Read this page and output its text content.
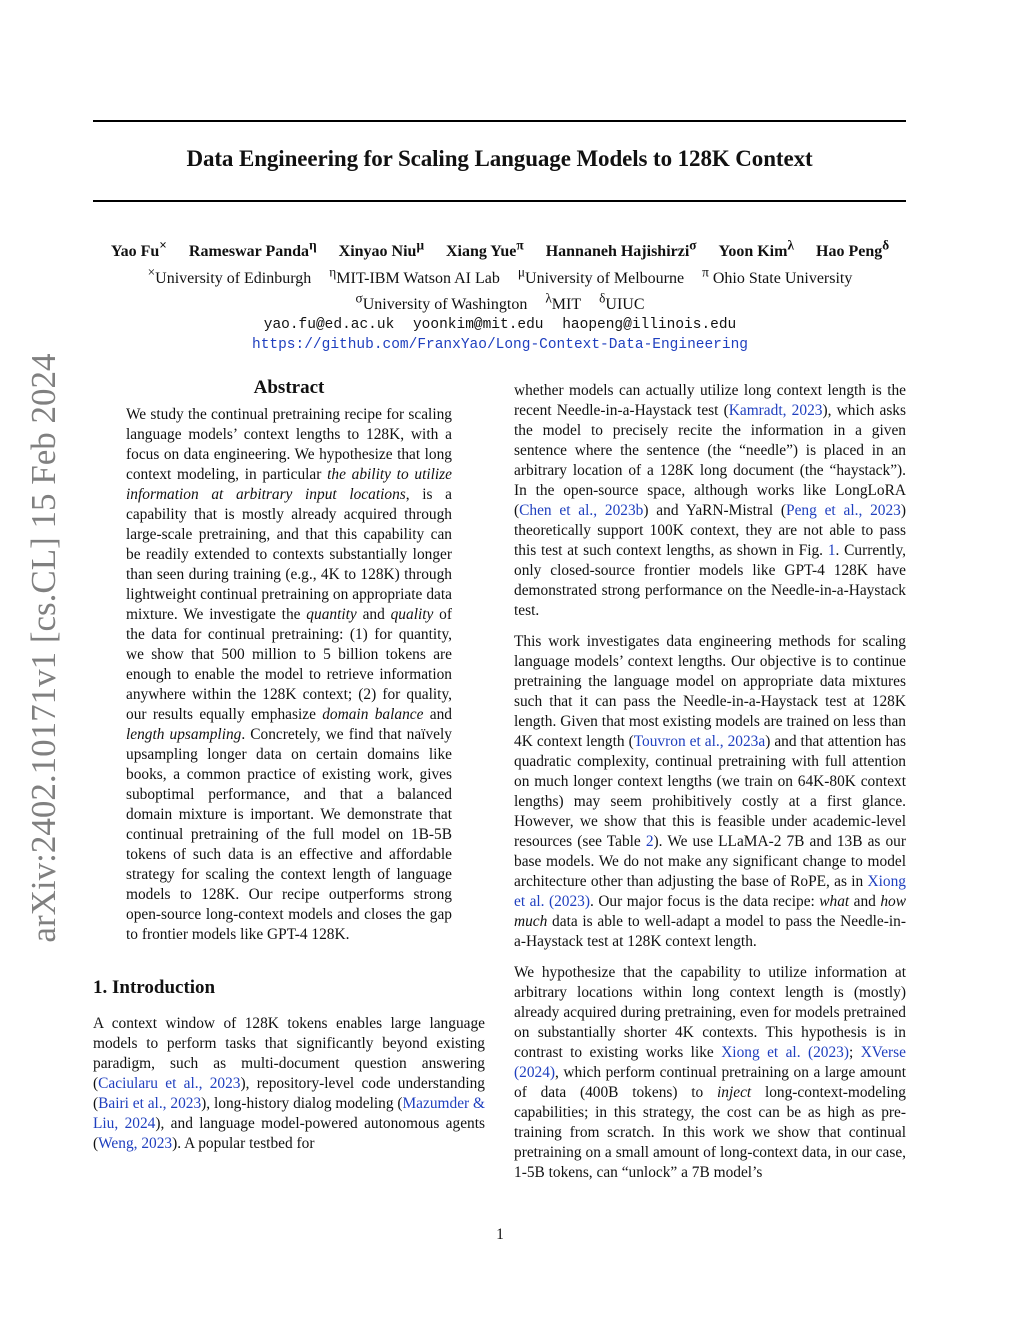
Data Engineering for Scaling Language Models to 128K Context
Yao Fu× Rameswar Panda$^\eta$ Xinyao Niu$^\mu$ Xiang Yue$^\pi$ Hannaneh Hajishirzi$^\sigma$ Yoon Kim$^\lambda$ Hao Peng$^\delta$
×University of Edinburgh $^\eta$MIT-IBM Watson AI Lab $^\mu$University of Melbourne $^\pi$ Ohio State University
$^\sigma$University of Washington $^\lambda$MIT $^\delta$UIUC
yao.fu@ed.ac.uk yoonkim@mit.edu haopeng@illinois.edu
https://github.com/FranxYao/Long-Context-Data-Engineering
arXiv:2402.10171v1 [cs.CL] 15 Feb 2024	Abstract
We study the continual pretraining recipe for scaling language models’ context lengths to 128K, with a focus on data engineering. We hypothesize that long context modeling, in particular the ability to utilize information at arbitrary input locations, is a capability that is mostly already acquired through large-scale pretraining, and that this capability can be readily extended to contexts substantially longer than seen during training (e.g., 4K to 128K) through lightweight continual pretraining on appropriate data mixture. We investigate the quantity and quality of the data for continual pretraining: (1) for quantity, we show that 500 million to 5 billion tokens are enough to enable the model to retrieve information anywhere within the 128K context; (2) for quality, our results equally emphasize domain balance and length upsampling. Concretely, we find that naïvely upsampling longer data on certain domains like books, a common practice of existing work, gives suboptimal performance, and that a balanced domain mixture is important. We demonstrate that continual pretraining of the full model on 1B-5B tokens of such data is an effective and affordable strategy for scaling the context length of language models to 128K. Our recipe outperforms strong open-source long-context models and closes the gap to frontier models like GPT-4 128K.
1. Introduction

A context window of 128K tokens enables large language models to perform tasks that significantly beyond existing paradigm, such as multi-document question answering (Caciularu et al., 2023), repository-level code understanding (Bairi et al., 2023), long-history dialog modeling (Mazumder & Liu, 2024), and language model-powered autonomous agents (Weng, 2023). A popular testbed for

whether models can actually utilize long context length is the recent Needle-in-a-Haystack test (Kamradt, 2023), which asks the model to precisely recite the information in a given sentence where the sentence (the “needle”) is placed in an arbitrary location of a 128K long document (the “haystack”). In the open-source space, although works like LongLoRA (Chen et al., 2023b) and YaRN-Mistral (Peng et al., 2023) theoretically support 100K context, they are not able to pass this test at such context lengths, as shown in Fig. 1. Currently, only closed-source frontier models like GPT-4 128K have demonstrated strong performance on the Needle-in-a-Haystack test.

This work investigates data engineering methods for scaling language models’ context lengths. Our objective is to continue pretraining the language model on appropriate data mixtures such that it can pass the Needle-in-a-Haystack test at 128K length. Given that most existing models are trained on less than 4K context length (Touvron et al., 2023a) and that attention has quadratic complexity, continual pretraining with full attention on much longer context lengths (we train on 64K-80K context lengths) may seem prohibitively costly at a first glance. However, we show that this is feasible under academic-level resources (see Table 2). We use LLaMA-2 7B and 13B as our base models. We do not make any significant change to model architecture other than adjusting the base of RoPE, as in Xiong et al. (2023). Our major focus is the data recipe: what and how much data is able to well-adapt a model to pass the Needle-in-a-Haystack test at 128K context length.

We hypothesize that the capability to utilize information at arbitrary locations within long context length is (mostly) already acquired during pretraining, even for models pretrained on substantially shorter 4K contexts. This hypothesis is in contrast to existing works like Xiong et al. (2023); XVerse (2024), which perform continual pretraining on a large amount of data (400B tokens) to inject long-context-modeling capabilities; in this strategy, the cost can be as high as pre-training from scratch. In this work we show that continual pretraining on a small amount of long-context data, in our case, 1-5B tokens, can “unlock” a 7B model’s

1
